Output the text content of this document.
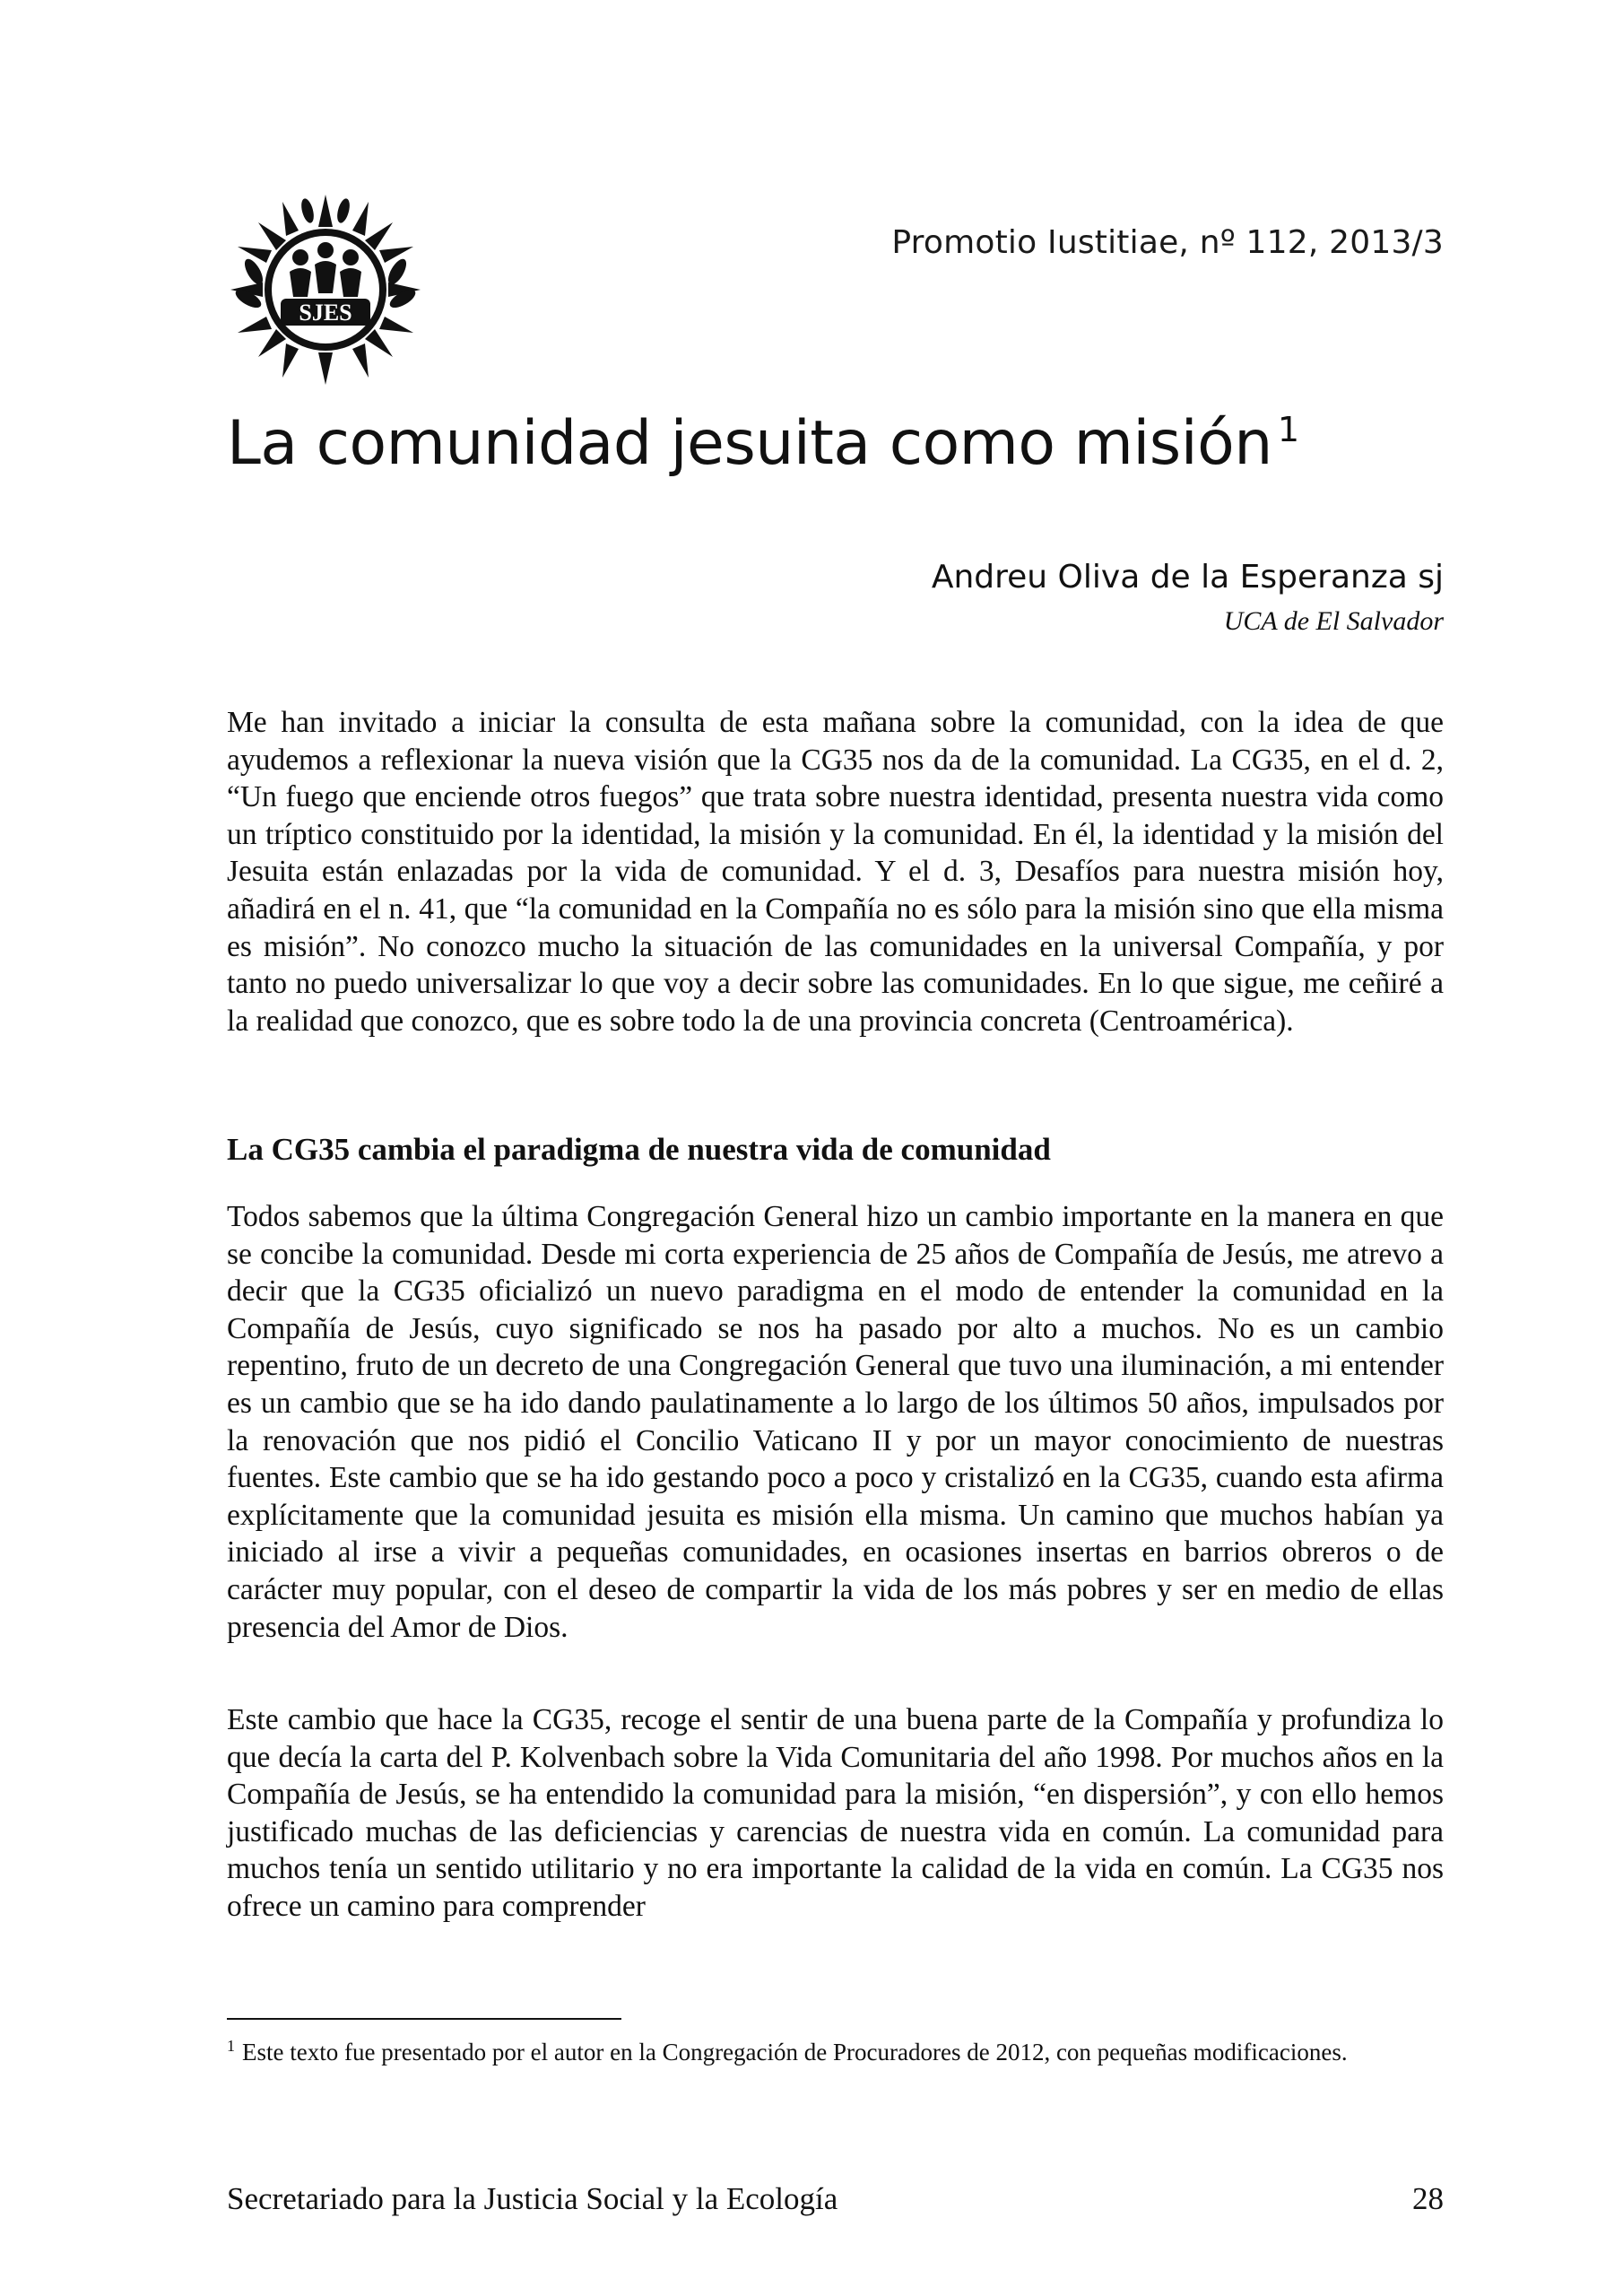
SJES
Promotio Iustitiae, nº 112, 2013/3
La comunidad jesuita como misión $^1$
Andreu Oliva de la Esperanza sj
UCA de El Salvador

Me han invitado a iniciar la consulta de esta mañana sobre la comunidad, con la idea de que ayudemos a reflexionar la nueva visión que la CG35 nos da de la comunidad. La CG35, en el d. 2, “Un fuego que enciende otros fuegos” que trata sobre nuestra identidad, presenta nuestra vida como un tríptico constituido por la identidad, la misión y la comunidad. En él, la identidad y la misión del Jesuita están enlazadas por la vida de comunidad. Y el d. 3, Desafíos para nuestra misión hoy, añadirá en el n. 41, que “la comunidad en la Compañía no es sólo para la misión sino que ella misma es misión”. No conozco mucho la situación de las comunidades en la universal Compañía, y por tanto no puedo universalizar lo que voy a decir sobre las comunidades. En lo que sigue, me ceñiré a la realidad que conozco, que es sobre todo la de una provincia concreta (Centroamérica).

La CG35 cambia el paradigma de nuestra vida de comunidad

Todos sabemos que la última Congregación General hizo un cambio importante en la manera en que se concibe la comunidad. Desde mi corta experiencia de 25 años de Compañía de Jesús, me atrevo a decir que la CG35 oficializó un nuevo paradigma en el modo de entender la comunidad en la Compañía de Jesús, cuyo significado se nos ha pasado por alto a muchos. No es un cambio repentino, fruto de un decreto de una Congregación General que tuvo una iluminación, a mi entender es un cambio que se ha ido dando paulatinamente a lo largo de los últimos 50 años, impulsados por la renovación que nos pidió el Concilio Vaticano II y por un mayor conocimiento de nuestras fuentes. Este cambio que se ha ido gestando poco a poco y cristalizó en la CG35, cuando esta afirma explícitamente que la comunidad jesuita es misión ella misma. Un camino que muchos habían ya iniciado al irse a vivir a pequeñas comunidades, en ocasiones insertas en barrios obreros o de carácter muy popular, con el deseo de compartir la vida de los más pobres y ser en medio de ellas presencia del Amor de Dios.

Este cambio que hace la CG35, recoge el sentir de una buena parte de la Compañía y profundiza lo que decía la carta del P. Kolvenbach sobre la Vida Comunitaria del año 1998. Por muchos años en la Compañía de Jesús, se ha entendido la comunidad para la misión, “en dispersión”, y con ello hemos justificado muchas de las deficiencias y carencias de nuestra vida en común. La comunidad para muchos tenía un sentido utilitario y no era importante la calidad de la vida en común. La CG35 nos ofrece un camino para comprender

$^1$ Este texto fue presentado por el autor en la Congregación de Procuradores de 2012, con pequeñas modificaciones.

Secretariado para la Justicia Social y la Ecología	28
